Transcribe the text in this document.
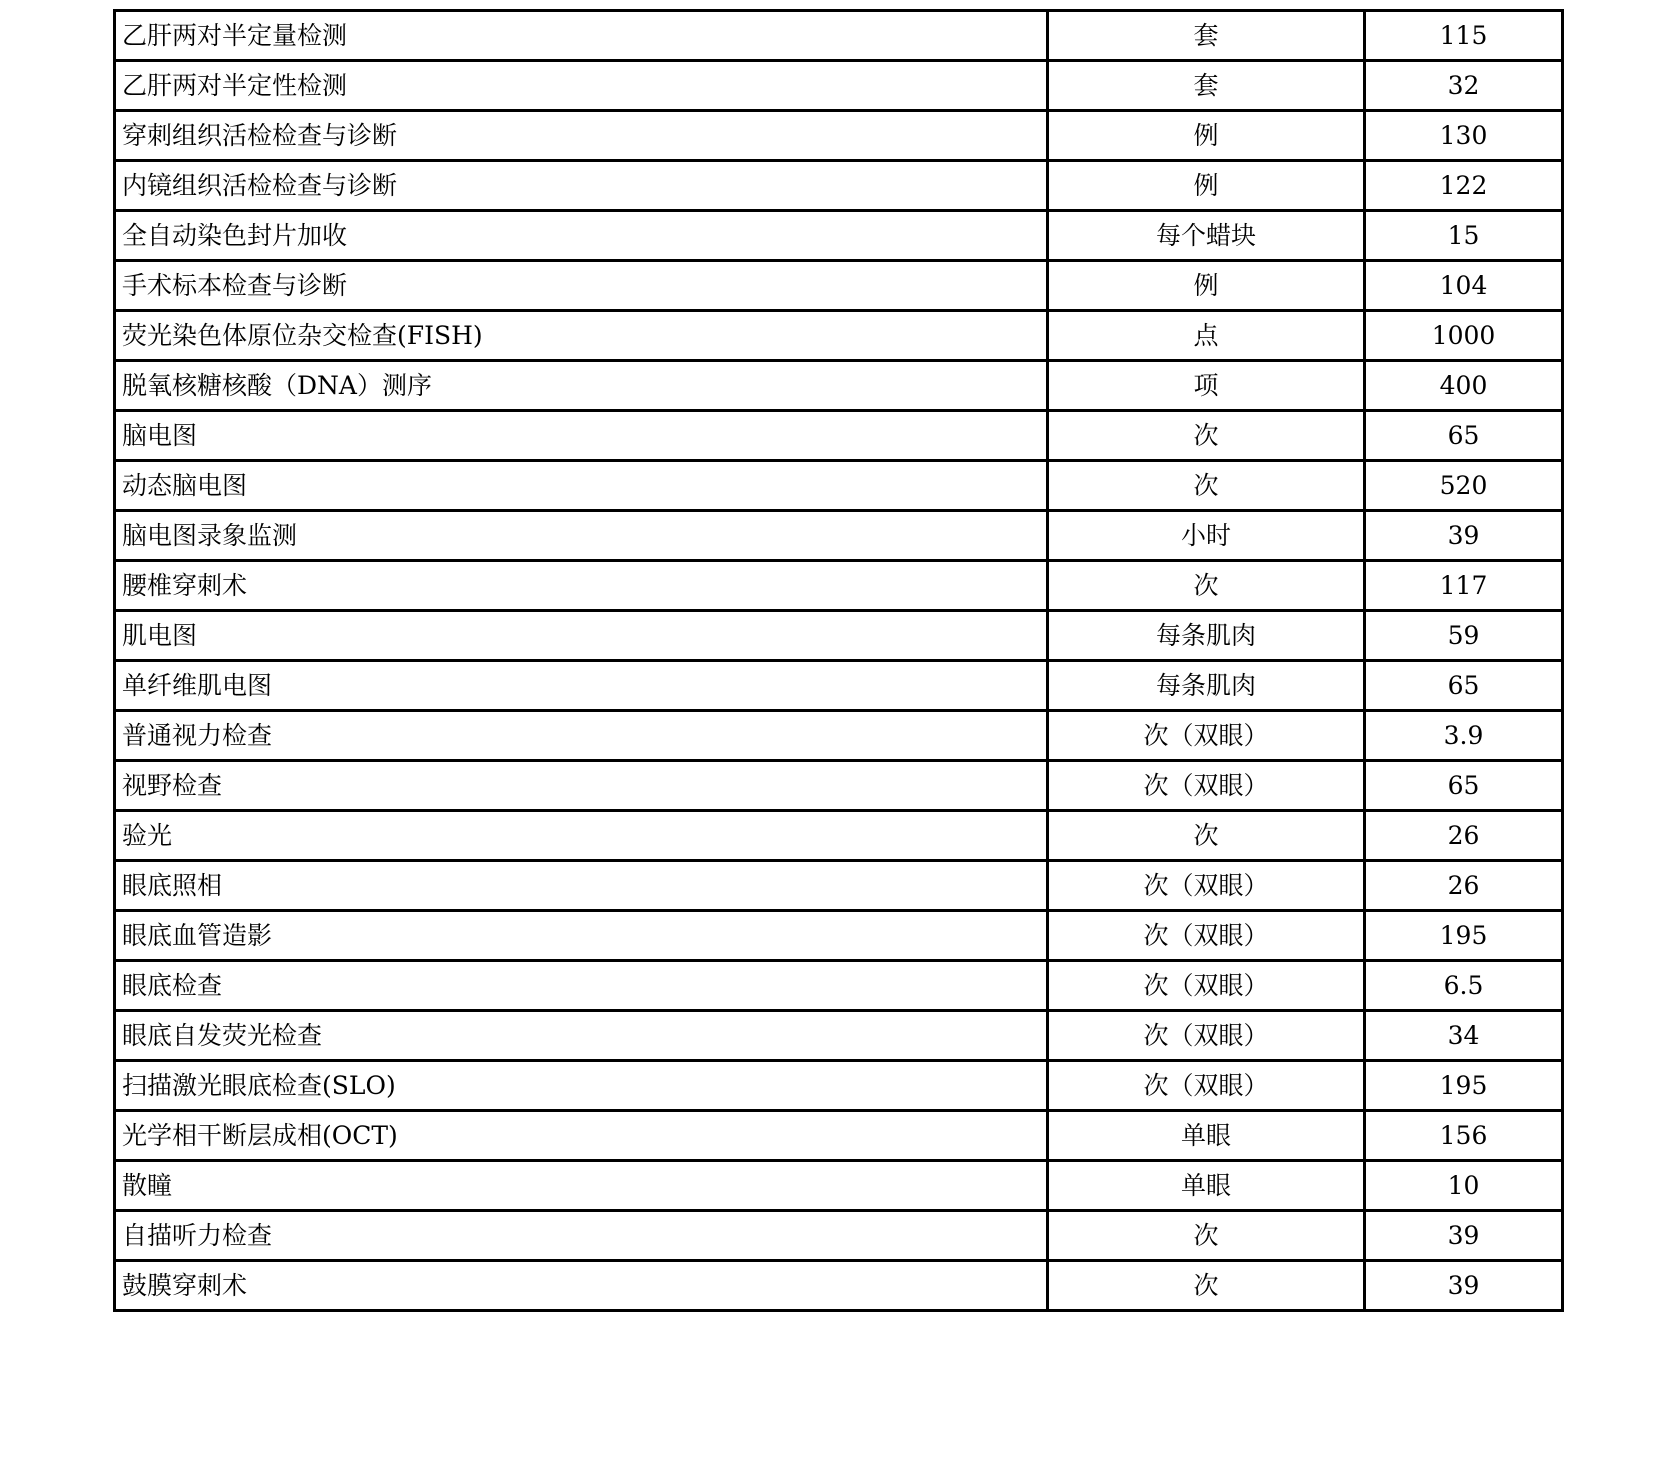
乙肝两对半定量检测	套	115
乙肝两对半定性检测	套	32
穿刺组织活检检查与诊断	例	130
内镜组织活检检查与诊断	例	122
全自动染色封片加收	每个蜡块	15
手术标本检查与诊断	例	104
荧光染色体原位杂交检查(FISH)	点	1000
脱氧核糖核酸（DNA）测序	项	400
脑电图	次	65
动态脑电图	次	520
脑电图录象监测	小时	39
腰椎穿刺术	次	117
肌电图	每条肌肉	59
单纤维肌电图	每条肌肉	65
普通视力检查	次（双眼）	3.9
视野检查	次（双眼）	65
验光	次	26
眼底照相	次（双眼）	26
眼底血管造影	次（双眼）	195
眼底检查	次（双眼）	6.5
眼底自发荧光检查	次（双眼）	34
扫描激光眼底检查(SLO)	次（双眼）	195
光学相干断层成相(OCT)	单眼	156
散瞳	单眼	10
自描听力检查	次	39
鼓膜穿刺术	次	39
